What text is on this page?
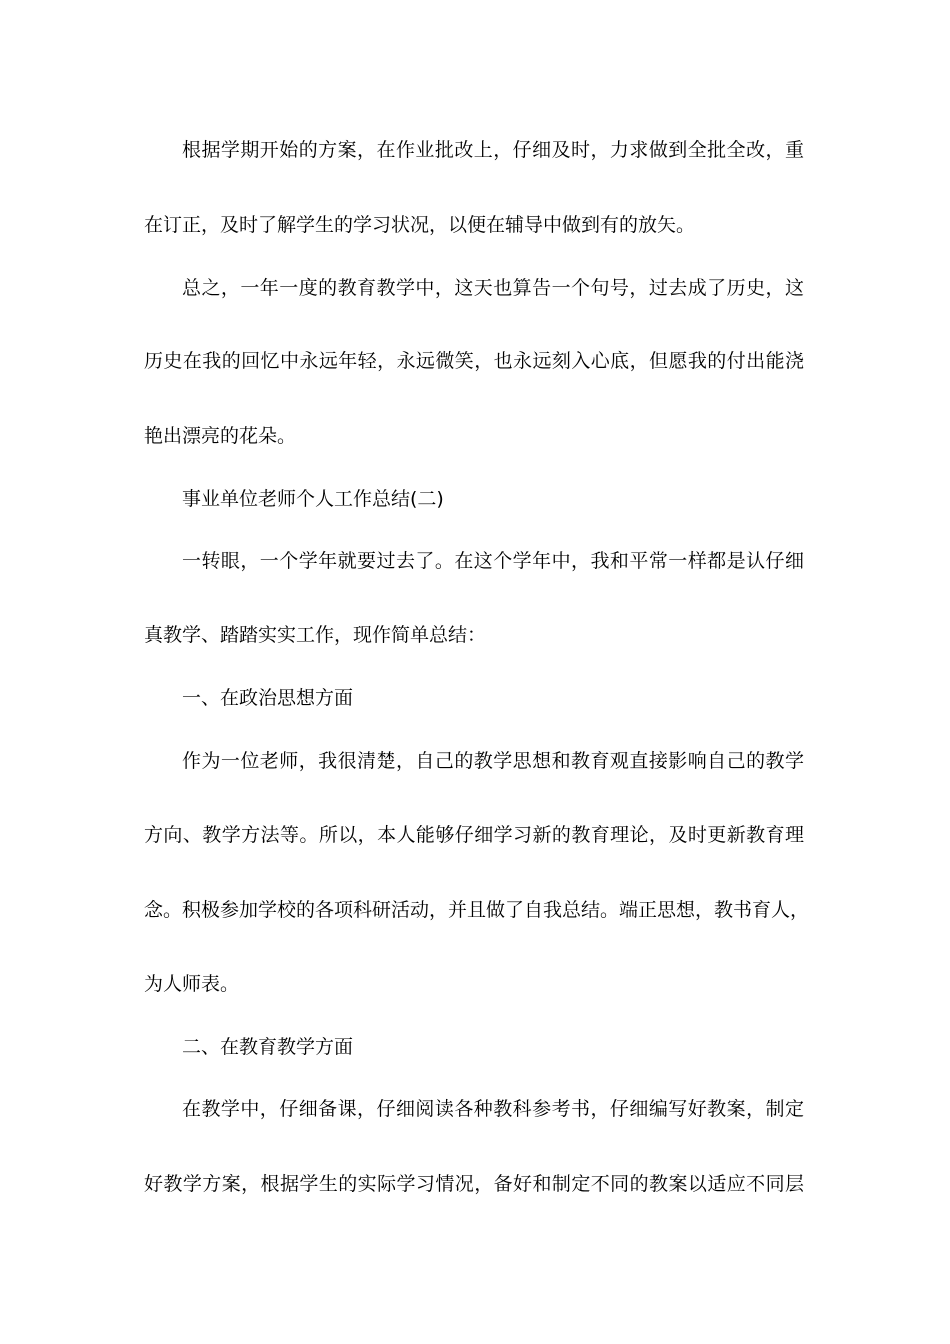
根据学期开始的方案，在作业批改上，仔细及时，力求做到全批全改，重
在订正，及时了解学生的学习状况，以便在辅导中做到有的放矢。
总之，一年一度的教育教学中，这天也算告一个句号，过去成了历史，这
历史在我的回忆中永远年轻，永远微笑，也永远刻入心底，但愿我的付出能浇
艳出漂亮的花朵。
事业单位老师个人工作总结(二)
一转眼，一个学年就要过去了。在这个学年中，我和平常一样都是认仔细
真教学、踏踏实实工作，现作简单总结：
一、在政治思想方面
作为一位老师，我很清楚，自己的教学思想和教育观直接影响自己的教学
方向、教学方法等。所以，本人能够仔细学习新的教育理论，及时更新教育理
念。积极参加学校的各项科研活动，并且做了自我总结。端正思想，教书育人，
为人师表。
二、在教育教学方面
在教学中，仔细备课，仔细阅读各种教科参考书，仔细编写好教案，制定
好教学方案，根据学生的实际学习情况，备好和制定不同的教案以适应不同层
